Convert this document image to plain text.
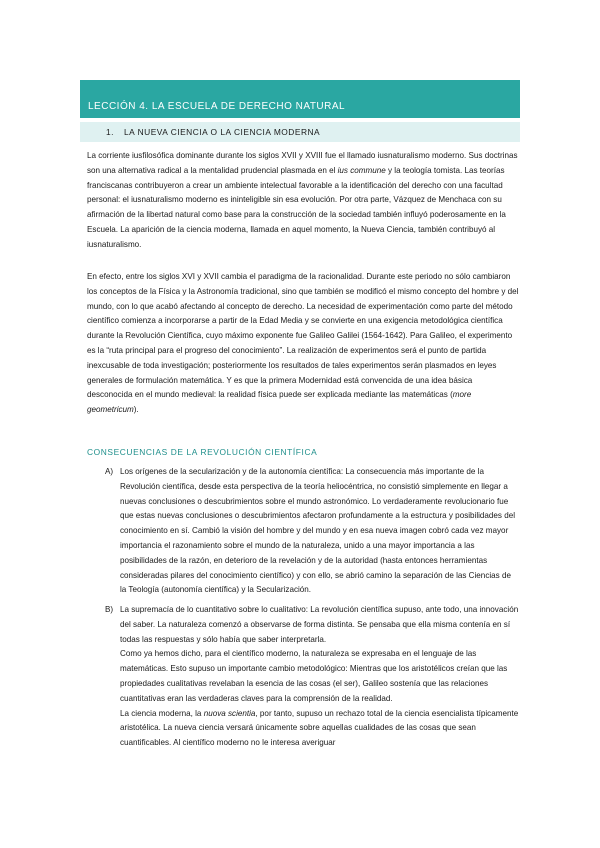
LECCIÓN 4. LA ESCUELA DE DERECHO NATURAL
1. LA NUEVA CIENCIA O LA CIENCIA MODERNA

La corriente iusfilosófica dominante durante los siglos XVII y XVIII fue el llamado iusnaturalismo moderno. Sus doctrinas son una alternativa radical a la mentalidad prudencial plasmada en el ius commune y la teología tomista. Las teorías franciscanas contribuyeron a crear un ambiente intelectual favorable a la identificación del derecho con una facultad personal: el iusnaturalismo moderno es ininteligible sin esa evolución. Por otra parte, Vázquez de Menchaca con su afirmación de la libertad natural como base para la construcción de la sociedad también influyó poderosamente en la Escuela. La aparición de la ciencia moderna, llamada en aquel momento, la Nueva Ciencia, también contribuyó al iusnaturalismo.

En efecto, entre los siglos XVI y XVII cambia el paradigma de la racionalidad. Durante este periodo no sólo cambiaron los conceptos de la Física y la Astronomía tradicional, sino que también se modificó el mismo concepto del hombre y del mundo, con lo que acabó afectando al concepto de derecho. La necesidad de experimentación como parte del método científico comienza a incorporarse a partir de la Edad Media y se convierte en una exigencia metodológica científica durante la Revolución Científica, cuyo máximo exponente fue Galileo Galilei (1564-1642). Para Galileo, el experimento es la “ruta principal para el progreso del conocimiento”. La realización de experimentos será el punto de partida inexcusable de toda investigación; posteriormente los resultados de tales experimentos serán plasmados en leyes generales de formulación matemática. Y es que la primera Modernidad está convencida de una idea básica desconocida en el mundo medieval: la realidad física puede ser explicada mediante las matemáticas (more geometricum).

CONSECUENCIAS DE LA REVOLUCIÓN CIENTÍFICA
A) Los orígenes de la secularización y de la autonomía científica: La consecuencia más importante de la Revolución científica, desde esta perspectiva de la teoría heliocéntrica, no consistió simplemente en llegar a nuevas conclusiones o descubrimientos sobre el mundo astronómico. Lo verdaderamente revolucionario fue que estas nuevas conclusiones o descubrimientos afectaron profundamente a la estructura y posibilidades del conocimiento en sí. Cambió la visión del hombre y del mundo y en esa nueva imagen cobró cada vez mayor importancia el razonamiento sobre el mundo de la naturaleza, unido a una mayor importancia a las posibilidades de la razón, en deterioro de la revelación y de la autoridad (hasta entonces herramientas consideradas pilares del conocimiento científico) y con ello, se abrió camino la separación de las Ciencias de la Teología (autonomía científica) y la Secularización.

B) La supremacía de lo cuantitativo sobre lo cualitativo: La revolución científica supuso, ante todo, una innovación del saber. La naturaleza comenzó a observarse de forma distinta. Se pensaba que ella misma contenía en sí todas las respuestas y sólo había que saber interpretarla.

Como ya hemos dicho, para el científico moderno, la naturaleza se expresaba en el lenguaje de las matemáticas. Esto supuso un importante cambio metodológico: Mientras que los aristotélicos creían que las propiedades cualitativas revelaban la esencia de las cosas (el ser), Galileo sostenía que las relaciones cuantitativas eran las verdaderas claves para la comprensión de la realidad.

La ciencia moderna, la nuova scientia, por tanto, supuso un rechazo total de la ciencia esencialista típicamente aristotélica. La nueva ciencia versará únicamente sobre aquellas cualidades de las cosas que sean cuantificables. Al científico moderno no le interesa averiguar
